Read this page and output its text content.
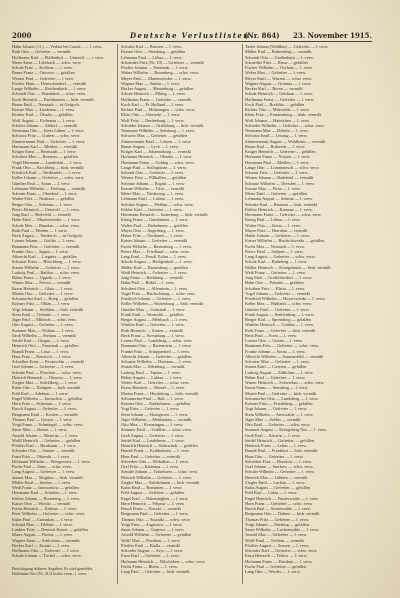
2000	Deutsche Verlustlisten
(Nr. 864) 23. November 1915.
Hahn Johann (11.) — Verlust bei Caudr... — l. verw.
Rath Otto — Gefreiter — vermißt
Hoffmann Karl — Pfaffenhof — Unteroff. — t. verw.
Meier Ernst — Lehrbach — schw. verw.
Schulz Fritz — Koblenz — l. verw.
Bauer Franz — Ostrowo — gefallen
Werner Paul — Gefreiter — l. verw.
Fischer Hans — Deutschendorf — vermißt
Lange Wilhelm — Reichenbach — l. verw.
Schmidt Otto — Warnsdorf — schw. verw.
Koch Heinrich — Bachhausen — bish. vermißt
Braun Emil — Neustadt — in Gefgsch.
Krause Max — Lindenau — l. verw.
Richter Karl — Ölsnitz — gefallen
Wolf August — Eichenau — l. verw.
Schäfer Johann — Altdorf — vermißt
Neumann Otto — Kreis Lüben — l. verw.
Schwarz Fritz — Guben — schw. verw.
Zimmermann Paul — Gefreiter — l. verw.
Hartmann Karl — Meißen — vermißt
Krüger Ernst — Bernstadt — l. verw.
Schubert Max — Rosenau — gefallen
Vogel Hermann — Landeshut — l. verw.
Frank Otto — Kirchberg — bish. vermißt
Friedrich Karl — Weißenfels — l. verw.
Keller Johann — Gefreiter — schw. verw.
Günther Paul — Sorau — l. verw.
Lehmann Wilhelm — Freiburg — vermißt
Schmitt Franz — Oberdorf — l. verw.
Walter Fritz — Neuhaus — gefallen
Berger Otto — Schönau — l. verw.
Peters Heinrich — Unteroff. — l. verw.
Jung Karl — Bielefeld — vermißt
Hahn Emil — Marienwerder — l. verw.
Scholz Max — Bunzlau — schw. verw.
Roth Paul — Weiden — l. verw.
Beck August — Neukirch — in Gefgsch.
Lorenz Johann — Görlitz — l. verw.
Baumann Fritz — Gefreiter — vermißt
Franke Otto — Sagan — l. verw.
Albrecht Karl — Liegnitz — gefallen
Schuster Ernst — Hirschberg — l. verw.
Simon Wilhelm — Gefreiter — l. verw.
Ludwig Paul — Ratibor — schw. verw.
Böhm Franz — Oppeln — l. verw.
Winter Max — Neisse — vermißt
Kraus Heinrich — Glatz — l. verw.
Martin Otto — Gefreiter — l. verw.
Schumacher Karl — Brieg — gefallen
Krämer Fritz — Ohlau — l. verw.
Vogt Johann — Strehlen — bish. vermißt
Stein Emil — Trebnitz — l. verw.
Jäger Paul — Militsch — schw. verw.
Otto August — Gefreiter — l. verw.
Sommer Max — Wohlau — l. verw.
Groß Wilhelm — Steinau — vermißt
Seidel Karl — Glogau — l. verw.
Heinrich Otto — Fraustadt — gefallen
Brandt Franz — Lissa — l. verw.
Haas Fritz — Rawitsch — l. verw.
Schreiber Ernst — Krotoschin — vermißt
Graf Johann — Gefreiter — l. verw.
Schulte Paul — Pleschen — schw. verw.
Dietrich Heinrich — Ostrowo — l. verw.
Ziegler Max — Schildberg — l. verw.
Kuhn Otto — Kempen — bish. vermißt
Pohl Karl — Adelnau — l. verw.
Engel Wilhelm — Jarotschin — gefallen
Horn Fritz — Schrimm — l. verw.
Busch August — Gefreiter — l. verw.
Bergmann Emil — Kosten — vermißt
Thomas Paul — Gostyn — l. verw.
Voigt Franz — Schmiegel — schw. verw.
Sauer Max — Bomst — l. verw.
Arnold Johann — Meseritz — l. verw.
Wolff Heinrich — Gefreiter — gefallen
Pfeiffer Karl — Birnbaum — l. verw.
Schrader Otto — Samter — vermißt
Ernst Fritz — Obornik — l. verw.
Hofmann Wilhelm — Wongrowitz — l. verw.
Fuchs Paul — Znin — schw. verw.
Lang August — Gefreiter — l. verw.
Jansen Max — Mogilno — bish. vermißt
Möller Emil — Strelno — l. verw.
Weiß Franz — Inowrazlaw — gefallen
Herrmann Karl — Schubin — l. verw.
Köhler Johann — Bromberg — l. verw.
Kaiser Otto — Wirsitz — vermißt
Fuchs Heinrich — Kolmar — l. verw.
Peter Wilhelm — Gefreiter — schw. verw.
Kühn Paul — Czarnikau — l. verw.
Schmid Max — Filehne — l. verw.
Lindner Fritz — Deutsch-Krone — gefallen
Maier August — Flatow — l. verw.
Wagner Ernst — Schlochau — vermißt
Becker Karl — Konitz — l. verw.
Hoffmann Otto — Gefreiter — l. verw.
Schulz Johann — Tuchel — schw. verw.
Schulze Karl — Briesen — l. verw.
Krause Otto — Strasburg — gefallen
Lehmann Paul — Löbau — l. verw.
Schneider Fritz (Nr. 10) — Gefreiter — vermißt
Fischer Johann — Neumark — l. verw.
Weber Wilhelm — Rosenberg — schw. verw.
Meyer Emil — Marienwerder — l. verw.
Wagner Max — Stuhm — l. verw.
Becker August — Marienburg — gefallen
Schulz Heinrich — Elbing — l. verw.
Hoffmann Franz — Gefreiter — vermißt
Koch Karl — Pr. Holland — l. verw.
Richter Paul — Mohrungen — schw. verw.
Klein Otto — Osterode — l. verw.
Wolf Fritz — Neidenburg — l. verw.
Schröder Johann — Ortelsburg — bish. vermißt
Neumann Wilhelm — Sensburg — l. verw.
Schwarz Max — Gefreiter — gefallen
Zimmermann Emil — Lötzen — l. verw.
Braun August — Lyck — l. verw.
Krüger Karl — Johannisburg — vermißt
Hofmann Heinrich — Oletzko — l. verw.
Hartmann Franz — Goldap — schw. verw.
Lange Paul — Stallupönen — l. verw.
Schmitt Otto — Gefreiter — l. verw.
Werner Fritz — Pillkallen — gefallen
Schmitz Johann — Ragnit — l. verw.
Krause Wilhelm — Tilsit — vermißt
Meier Max — Niederung — l. verw.
Lehmann Emil — Labiau — l. verw.
Schulze August — Wehlau — schw. verw.
Köhler Karl — Gefreiter — l. verw.
Herrmann Heinrich — Insterburg — bish. vermißt
König Franz — Gumbinnen — l. verw.
Walter Paul — Darkehmen — gefallen
Mayer Otto — Angerburg — l. verw.
Huber Fritz — Gerdauen — l. verw.
Kaiser Johann — Gefreiter — vermißt
Fuchs Wilhelm — Rastenburg — l. verw.
Peters Max — Friedland — schw. verw.
Lang Emil — Preuß. Eylau — l. verw.
Scholz August — Heiligenbeil — l. verw.
Möller Karl — Braunsberg — gefallen
Weiß Heinrich — Gefreiter — l. verw.
Jung Franz — Heilsberg — vermißt
Hahn Paul — Rößel — l. verw.
Schubert Otto — Allenstein — l. verw.
Vogel Fritz — Bischofsburg — schw. verw.
Friedrich Johann — Gefreiter — l. verw.
Keller Wilhelm — Wartenburg — bish. vermißt
Günther Max — Guttstadt — l. verw.
Frank Emil — Wormditt — gefallen
Berger August — Mehlsack — l. verw.
Winkler Karl — Gefreiter — l. verw.
Roth Heinrich — Zinten — vermißt
Beck Franz — Kreuzburg — l. verw.
Lorenz Paul — Landsberg — schw. verw.
Baumann Otto — Bartenstein — l. verw.
Franke Fritz — Schippenbeil — l. verw.
Albrecht Johann — Gefreiter — gefallen
Schuster Wilhelm — Domnau — l. verw.
Simon Max — Allenburg — vermißt
Ludwig Emil — Tapiau — l. verw.
Böhm August — Labiau — l. verw.
Winter Karl — Gefreiter — schw. verw.
Kraus Heinrich — Memel — l. verw.
Martin Franz — Heydekrug — bish. vermißt
Schumacher Paul — Ruß — l. verw.
Krämer Otto — Kaukehmen — gefallen
Vogt Fritz — Gefreiter — l. verw.
Stein Johann — Skaisgirren — l. verw.
Jäger Wilhelm — Mehlauken — vermißt
Otto Max — Kreuzingen — l. verw.
Sommer Emil — Schillen — schw. verw.
Groß August — Gefreiter — l. verw.
Seidel Karl — Lasdehnen — l. verw.
Heinrich Heinrich — Schirwindt — gefallen
Brandt Franz — Eydtkuhnen — l. verw.
Haas Paul — Gefreiter — vermißt
Schreiber Otto — Wirballen — l. verw.
Graf Fritz — Kattenau — l. verw.
Schulte Johann — Trakehnen — schw. verw.
Dietrich Wilhelm — Gefreiter — l. verw.
Ziegler Max — Szittkehmen — bish. vermißt
Kuhn Emil — Rominten — l. verw.
Pohl August — Gefreiter — gefallen
Engel Karl — Dubeningken — l. verw.
Horn Heinrich — Filipow — l. verw.
Busch Franz — Raczki — vermißt
Bergmann Paul — Gefreiter — l. verw.
Thomas Otto — Suwalki — schw. verw.
Voigt Fritz — Augustow — l. verw.
Sauer Johann — Grajewo — l. verw.
Arnold Wilhelm — Gefreiter — gefallen
Wolff Max — Prostken — l. verw.
Pfeiffer Emil — Bialla — vermißt
Schrader August — Arys — l. verw.
Ernst Karl — Gefreiter — l. verw.
Hofmann Heinrich — Nikolaiken — schw. verw.
Fuchs Franz — Rhein — l. verw.
Lang Paul — Gefreiter — bish. vermißt
Taube Johann (Waldbur) — Gefreiter — l. verw.
Müller Karl — Bobersberg — vermißt
Schmidt Otto — Großenhain — l. verw.
Schneider Fritz — Riesa — gefallen
Fischer Wilhelm — Oschatz — l. verw.
Weber Max — Gefreiter — l. verw.
Meyer Emil — Wurzen — schw. verw.
Wagner August — Grimma — l. verw.
Becker Karl — Borna — vermißt
Schulz Heinrich — Geithain — l. verw.
Hoffmann Franz — Gefreiter — l. verw.
Koch Paul — Rochlitz — gefallen
Richter Otto — Mittweida — l. verw.
Klein Fritz — Frankenberg — bish. vermißt
Wolf Johann — Hainichen — l. verw.
Schröder Wilhelm — Gefreiter — schw. verw.
Neumann Max — Döbeln — l. verw.
Schwarz Emil — Leisnig — l. verw.
Zimmermann August — Waldheim — vermißt
Braun Karl — Roßwein — l. verw.
Krüger Heinrich — Gefreiter — gefallen
Hofmann Franz — Nossen — l. verw.
Hartmann Paul — Meißen — l. verw.
Lange Otto — Lommatzsch — schw. verw.
Schmitt Fritz — Gefreiter — l. verw.
Werner Johann — Radebeul — vermißt
Schmitz Wilhelm — Dresden — l. verw.
Krause Max — Pirna — l. verw.
Meier Emil — Gefreiter — gefallen
Lehmann August — Sebnitz — l. verw.
Schulze Karl — Bautzen — bish. vermißt
Köhler Heinrich — Kamenz — l. verw.
Herrmann Franz — Gefreiter — schw. verw.
König Paul — Löbau — l. verw.
Walter Otto — Zittau — l. verw.
Mayer Fritz — Herrnhut — vermißt
Huber Johann — Gefreiter — l. verw.
Kaiser Wilhelm — Bischofswerda — gefallen
Fuchs Max — Neustadt — l. verw.
Peters Emil — Stolpen — l. verw.
Lang August — Gefreiter — schw. verw.
Scholz Karl — Radeberg — l. verw.
Möller Heinrich — Königsbrück — bish. vermißt
Weiß Franz — Gefreiter — l. verw.
Jung Paul — Großröhrsdorf — l. verw.
Hahn Otto — Pulsnitz — gefallen
Schubert Fritz — Elstra — l. verw.
Vogel Johann — Gefreiter — vermißt
Friedrich Wilhelm — Hoyerswerda — l. verw.
Keller Max — Ruhland — schw. verw.
Günther Emil — Gefreiter — l. verw.
Frank August — Senftenberg — l. verw.
Berger Karl — Spremberg — gefallen
Winkler Heinrich — Cottbus — l. verw.
Roth Franz — Gefreiter — bish. vermißt
Beck Paul — Forst — l. verw.
Lorenz Otto — Guben — l. verw.
Baumann Fritz — Gefreiter — schw. verw.
Franke Johann — Sorau — l. verw.
Albrecht Wilhelm — Sommerfeld — vermißt
Schuster Max — Gefreiter — l. verw.
Simon Emil — Crossen — gefallen
Ludwig August — Züllichau — l. verw.
Böhm Karl — Gefreiter — l. verw.
Winter Heinrich — Schwiebus — schw. verw.
Kraus Franz — Sternberg — l. verw.
Martin Paul — Gefreiter — bish. vermißt
Schumacher Otto — Landsberg — l. verw.
Krämer Fritz — Friedeberg — gefallen
Vogt Johann — Gefreiter — l. verw.
Stein Wilhelm — Arnswalde — l. verw.
Jäger Max — Soldin — vermißt
Otto Emil — Gefreiter — schw. verw.
Sommer August — Königsberg Nm. — l. verw.
Groß Karl — Küstrin — l. verw.
Seidel Heinrich — Gefreiter — gefallen
Heinrich Franz — Lebus — l. verw.
Brandt Paul — Frankfurt — bish. vermißt
Haas Otto — Gefreiter — l. verw.
Schreiber Fritz — Beeskow — l. verw.
Graf Johann — Storkow — schw. verw.
Schulte Wilhelm — Gefreiter — l. verw.
Dietrich Max — Lübben — vermißt
Ziegler Emil — Luckau — l. verw.
Kuhn August — Gefreiter — gefallen
Pohl Karl — Calau — l. verw.
Engel Heinrich — Finsterwalde — l. verw.
Horn Franz — Gefreiter — schw. verw.
Busch Paul — Sonnewalde — l. verw.
Bergmann Otto — Dahme — bish. vermißt
Thomas Fritz — Gefreiter — l. verw.
Voigt Johann — Jüterbog — gefallen
Sauer Wilhelm — Luckenwalde — l. verw.
Arnold Max — Gefreiter — l. verw.
Wolff Emil — Trebbin — vermißt
Pfeiffer August — Zossen — l. verw.
Schrader Karl — Gefreiter — schw. verw.
Ernst Heinrich — Teltow — l. verw.
Hofmann Franz — Potsdam — l. verw.
Fuchs Paul — Gefreiter — gefallen
Lang Otto — Werder — l. verw.
Berichtigung früherer Angaben: Es wird gemeldet,
Hoffmann Otto (Nr. 412) bisher verm., l. verw.
